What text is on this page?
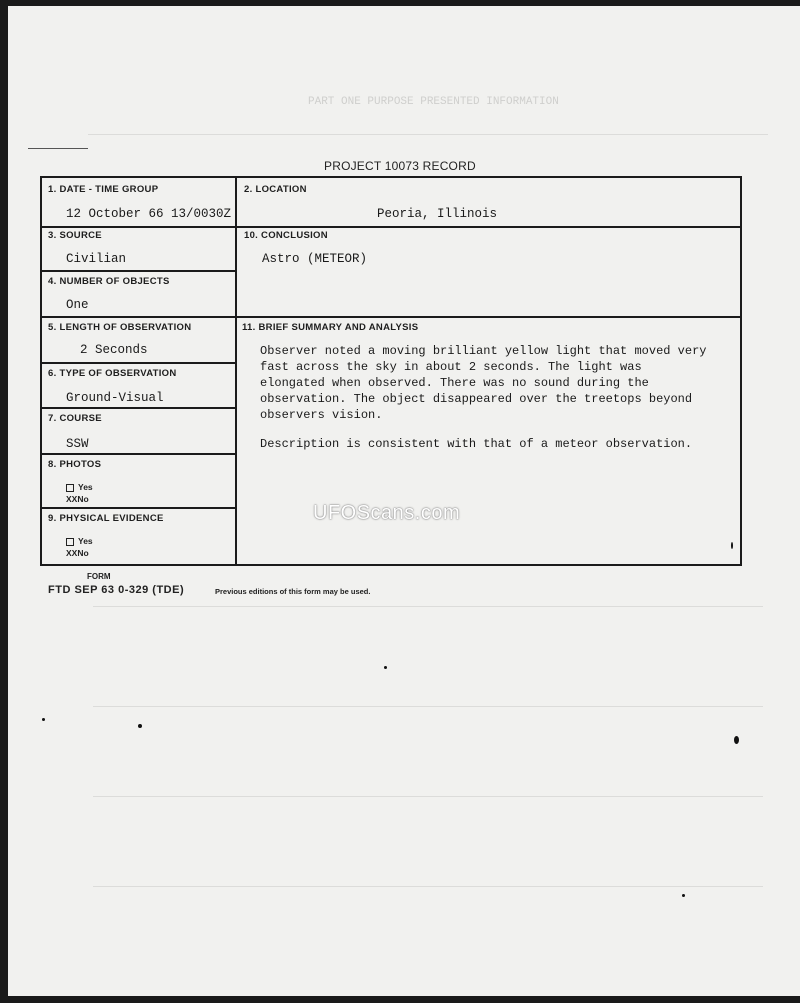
PART ONE PURPOSE PRESENTED INFORMATION
PROJECT 10073 RECORD
1. DATE - TIME GROUP
12 October 66 13/0030Z
2. LOCATION
Peoria, Illinois
3. SOURCE
Civilian
10. CONCLUSION
Astro (METEOR)
4. NUMBER OF OBJECTS
One
5. LENGTH OF OBSERVATION
2 Seconds
11. BRIEF SUMMARY AND ANALYSIS
Observer noted a moving brilliant yellow light that moved very
fast across the sky in about 2 seconds. The light was
elongated when observed. There was no sound during the
observation. The object disappeared over the treetops beyond
observers vision.
Description is consistent with that of a meteor observation.
6. TYPE OF OBSERVATION
Ground-Visual
7. COURSE
SSW
8. PHOTOS
Yes
XXNo
9. PHYSICAL EVIDENCE
Yes
XXNo
UFOScans.com
FORM
FTD SEP 63 0-329 (TDE)	Previous editions of this form may be used.
